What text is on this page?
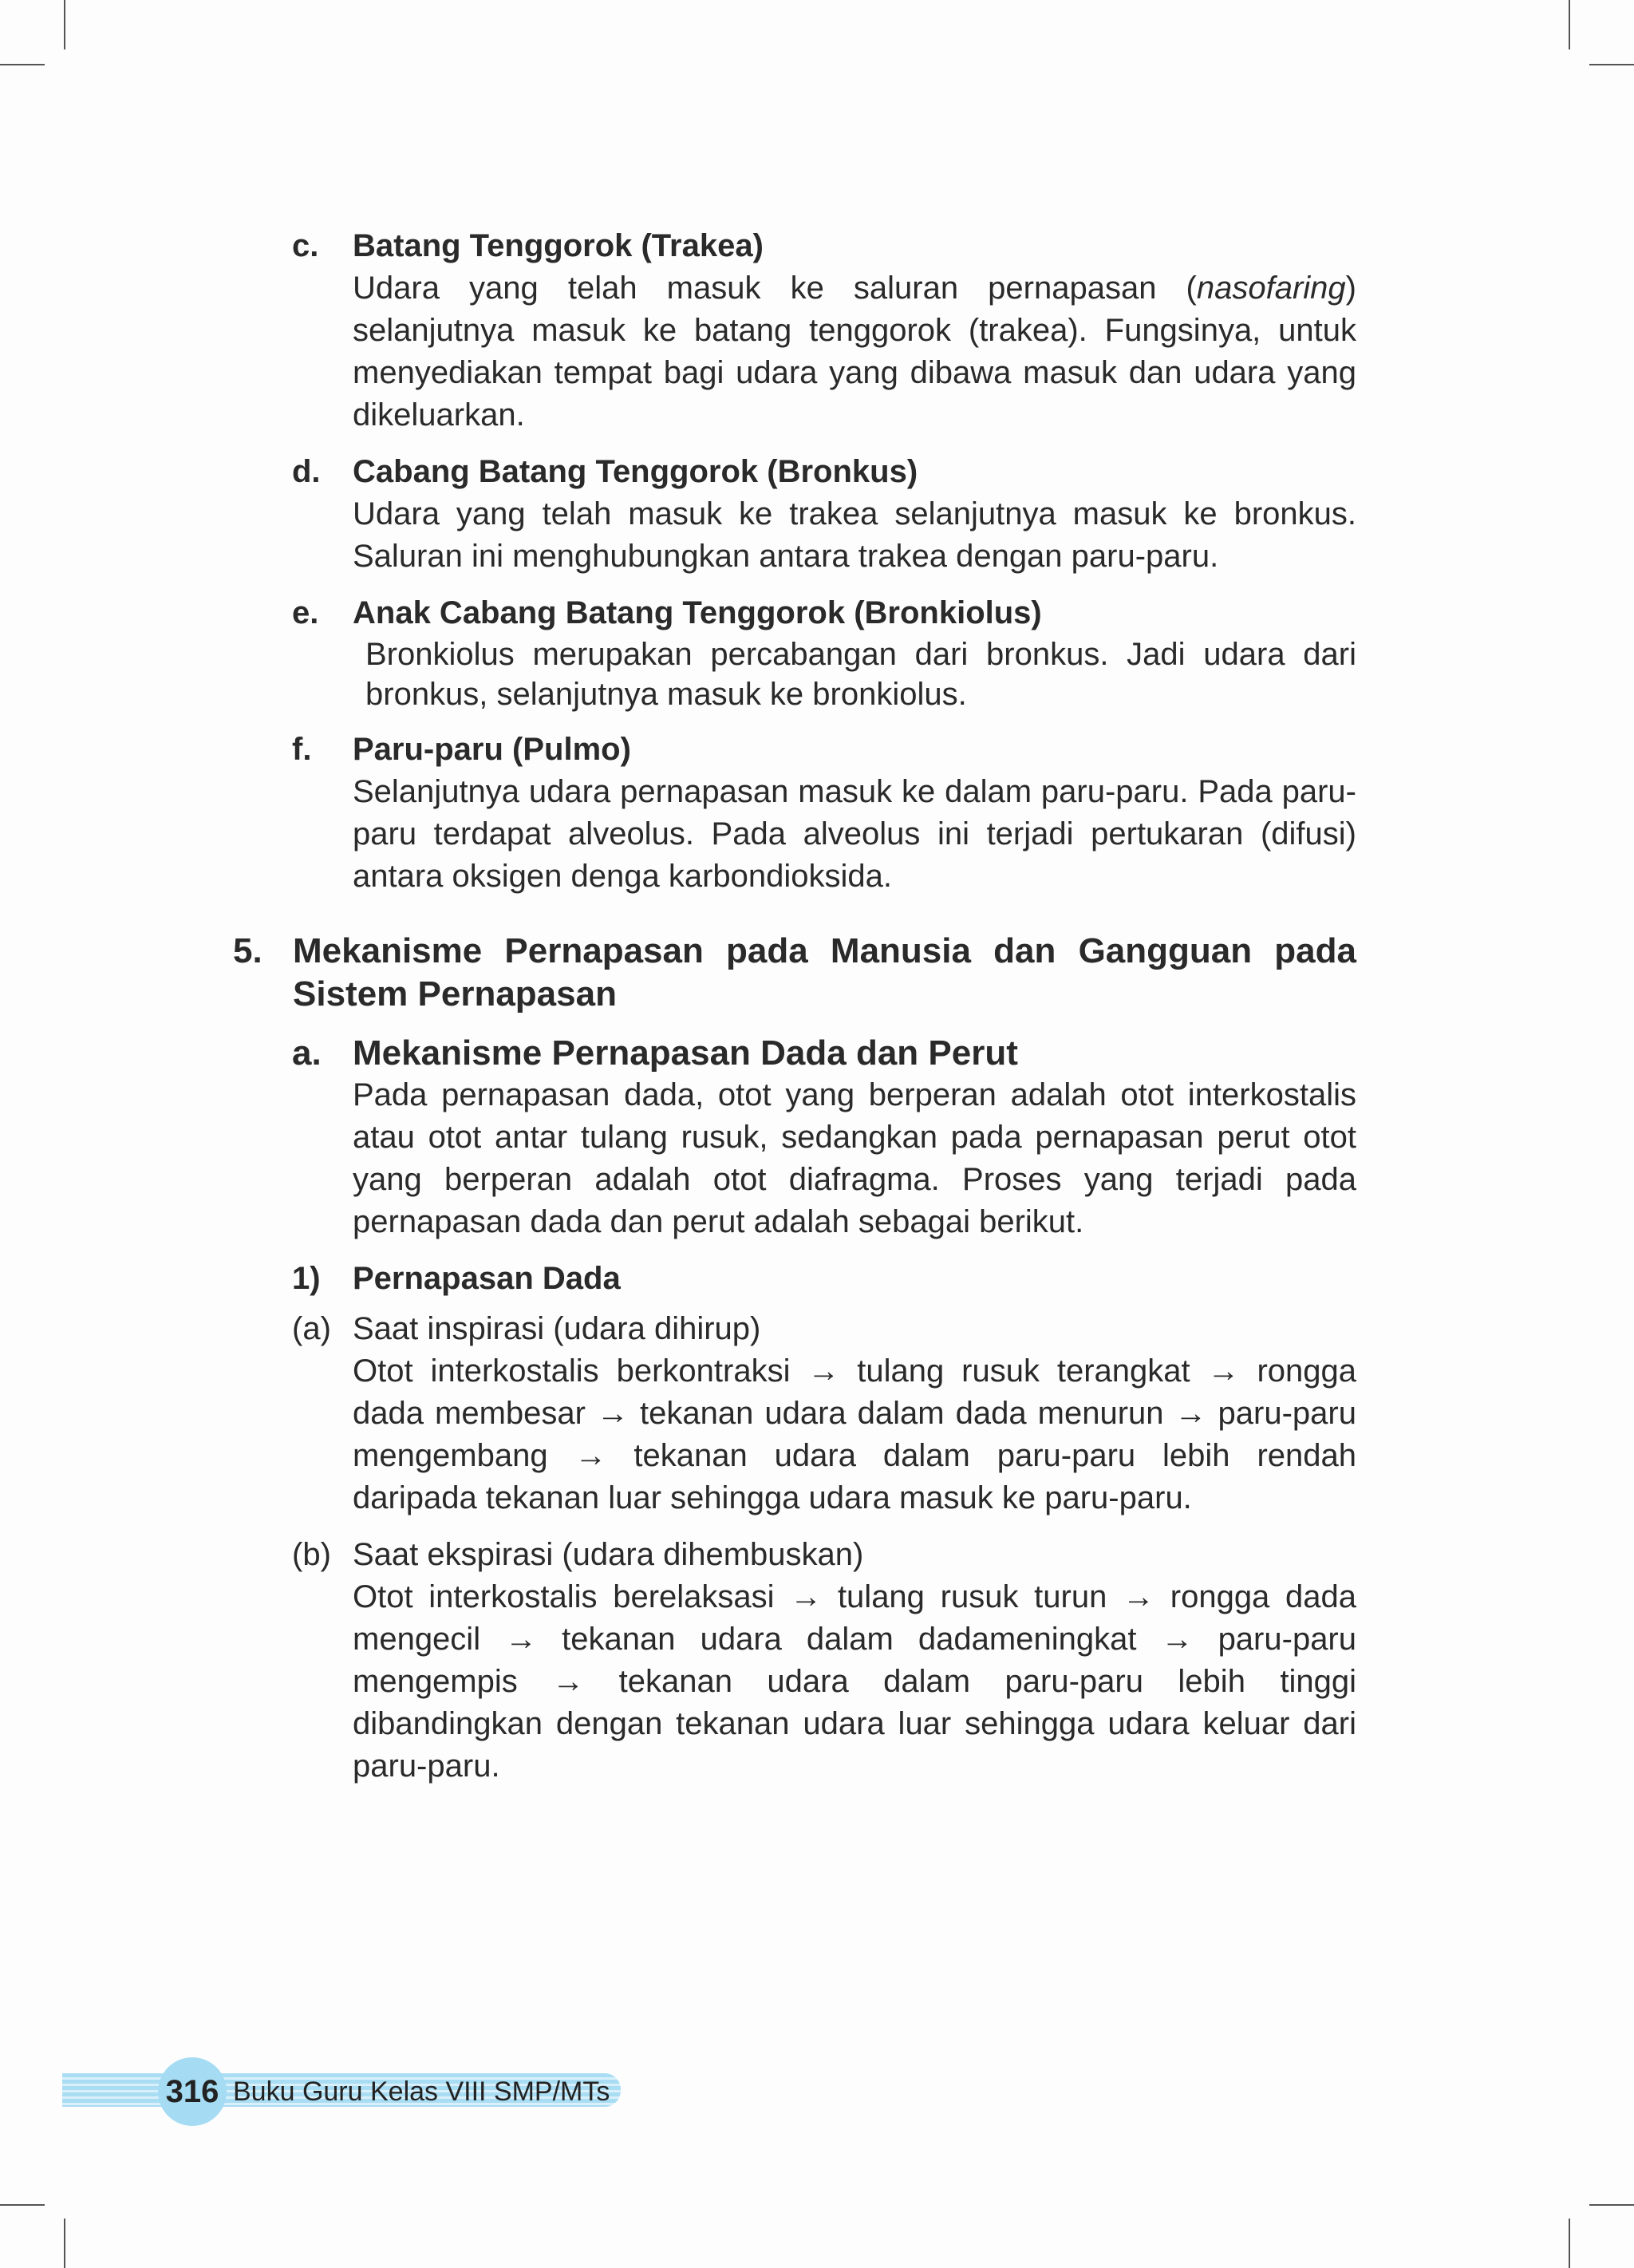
c. Batang Tenggorok (Trakea)
Udara yang telah masuk ke saluran pernapasan (nasofaring) selanjutnya masuk ke batang tenggorok (trakea). Fungsinya, untuk menyediakan tempat bagi udara yang dibawa masuk dan udara yang dikeluarkan.
d. Cabang Batang Tenggorok (Bronkus)
Udara yang telah masuk ke trakea selanjutnya masuk ke bronkus. Saluran ini menghubungkan antara trakea dengan paru-paru.
e. Anak Cabang Batang Tenggorok (Bronkiolus)
Bronkiolus merupakan percabangan dari bronkus. Jadi udara dari bronkus, selanjutnya masuk ke bronkiolus.
f. Paru-paru (Pulmo)
Selanjutnya udara pernapasan masuk ke dalam paru-paru. Pada paru-paru terdapat alveolus. Pada alveolus ini terjadi pertukaran (difusi) antara oksigen denga karbondioksida.
5. Mekanisme Pernapasan pada Manusia dan Gangguan pada Sistem Pernapasan
a. Mekanisme Pernapasan Dada dan Perut
Pada pernapasan dada, otot yang berperan adalah otot interkostalis atau otot antar tulang rusuk, sedangkan pada pernapasan perut otot yang berperan adalah otot diafragma. Proses yang terjadi pada pernapasan dada dan perut adalah sebagai berikut.
1) Pernapasan Dada
(a) Saat inspirasi (udara dihirup)
Otot interkostalis berkontraksi → tulang rusuk terangkat → rongga dada membesar → tekanan udara dalam dada menurun → paru-paru mengembang → tekanan udara dalam paru-paru lebih rendah daripada tekanan luar sehingga udara masuk ke paru-paru.
(b) Saat ekspirasi (udara dihembuskan)
Otot interkostalis berelaksasi → tulang rusuk turun → rongga dada mengecil → tekanan udara dalam dadameningkat → paru-paru mengempis → tekanan udara dalam paru-paru lebih tinggi dibandingkan dengan tekanan udara luar sehingga udara keluar dari paru-paru.
316 Buku Guru Kelas VIII SMP/MTs
